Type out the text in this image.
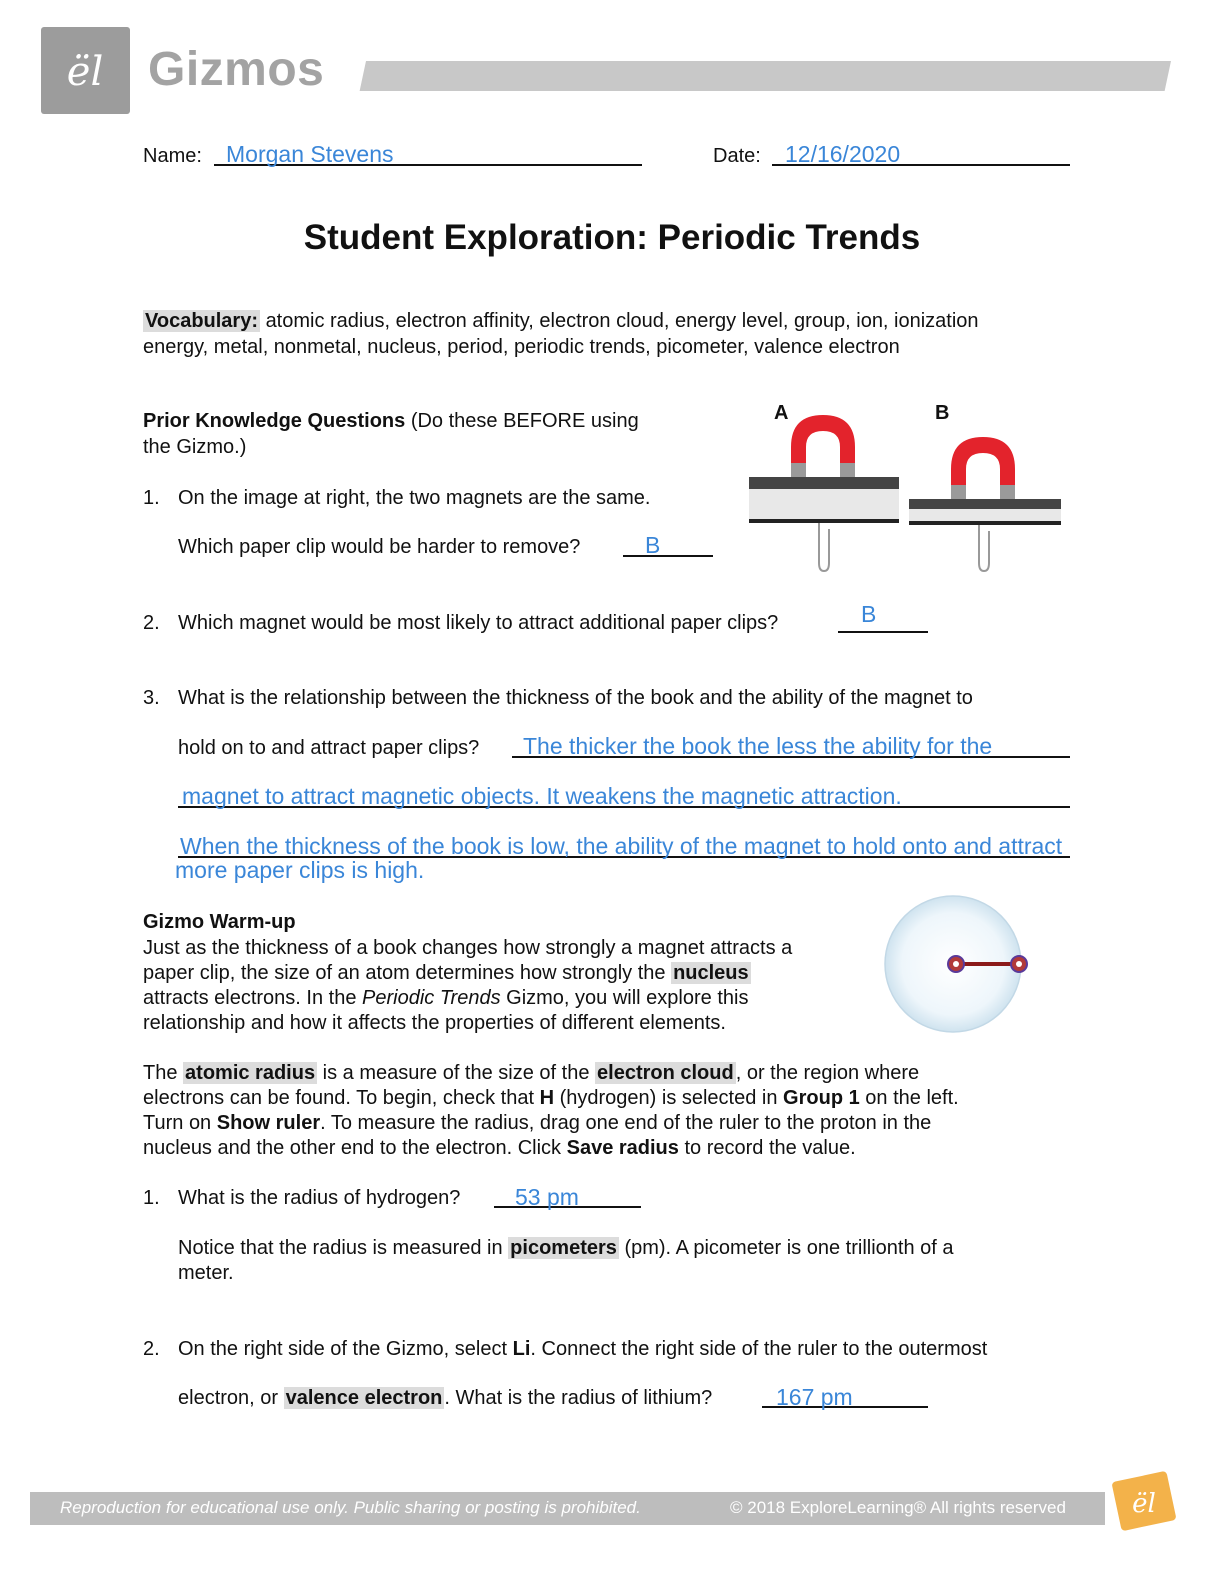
ël Gizmos
Name: Morgan Stevens	Date: 12/16/2020
Student Exploration: Periodic Trends
Vocabulary: atomic radius, electron affinity, electron cloud, energy level, group, ion, ionization
energy, metal, nonmetal, nucleus, period, periodic trends, picometer, valence electron
Prior Knowledge Questions (Do these BEFORE using
the Gizmo.)
A	B
1. On the image at right, the two magnets are the same.
Which paper clip would be harder to remove?	B
2. Which magnet would be most likely to attract additional paper clips?	B
3. What is the relationship between the thickness of the book and the ability of the magnet to
hold on to and attract paper clips? The thicker the book the less the ability for the
magnet to attract magnetic objects. It weakens the magnetic attraction.
When the thickness of the book is low, the ability of the magnet to hold onto and attract
more paper clips is high.
Gizmo Warm-up
Just as the thickness of a book changes how strongly a magnet attracts a
paper clip, the size of an atom determines how strongly the nucleus
attracts electrons. In the Periodic Trends Gizmo, you will explore this
relationship and how it affects the properties of different elements.
The atomic radius is a measure of the size of the electron cloud , or the region where
electrons can be found. To begin, check that H (hydrogen) is selected in Group 1 on the left.
Turn on Show ruler. To measure the radius, drag one end of the ruler to the proton in the
nucleus and the other end to the electron. Click Save radius to record the value.
1. What is the radius of hydrogen? 53 pm
Notice that the radius is measured in picometers (pm). A picometer is one trillionth of a
meter.
2. On the right side of the Gizmo, select Li. Connect the right side of the ruler to the outermost
electron, or valence electron . What is the radius of lithium?	167 pm
Reproduction for educational use only. Public sharing or posting is prohibited.	© 2018 ExploreLearning® All rights reserved	ël
